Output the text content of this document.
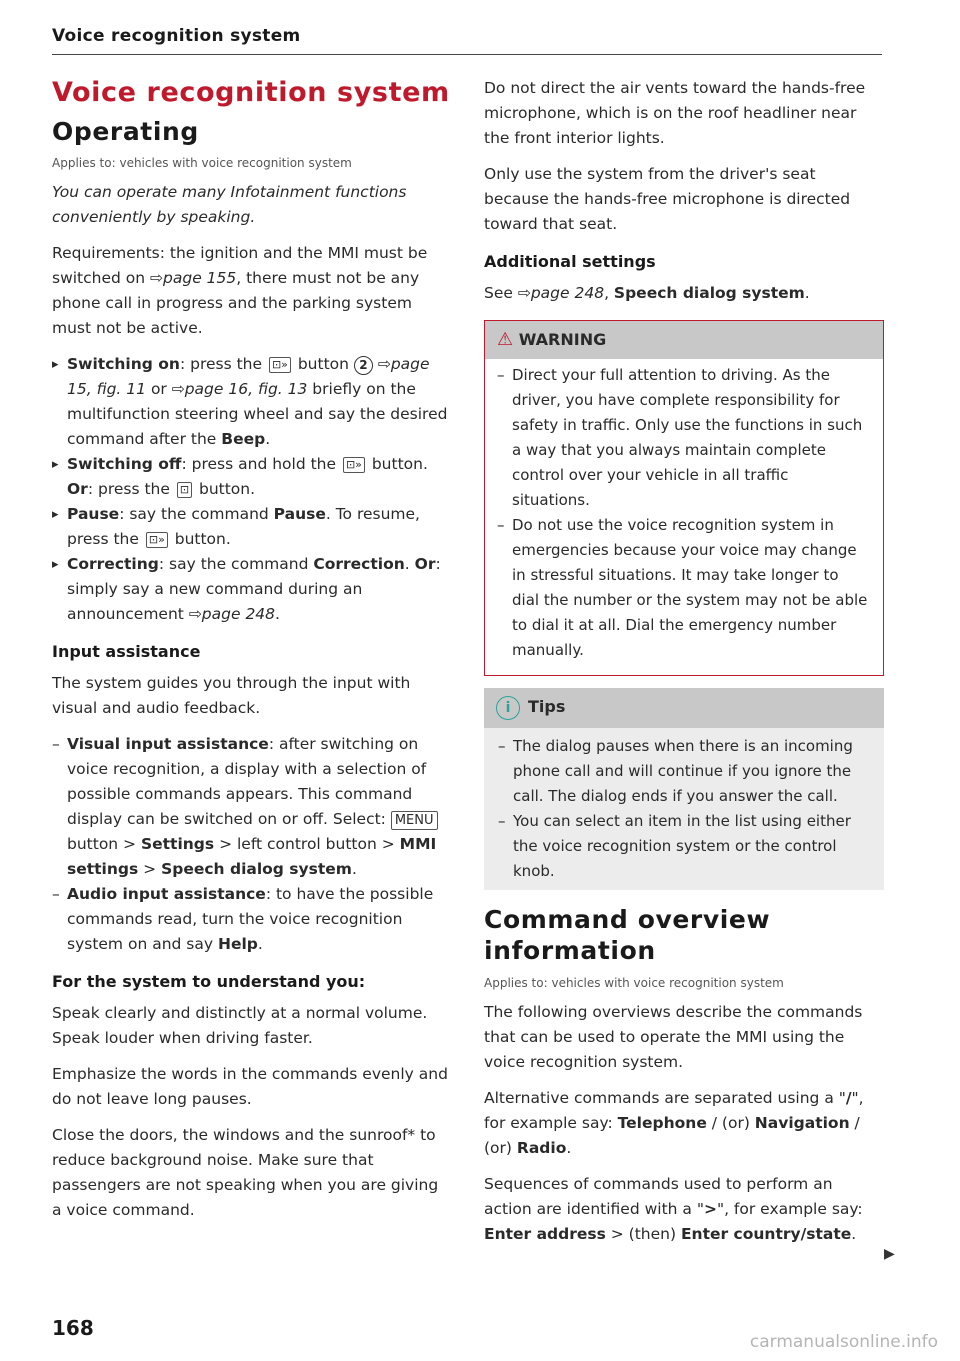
Voice recognition system
Voice recognition system
Operating
Applies to: vehicles with voice recognition system

You can operate many Infotainment functions conveniently by speaking.

Requirements: the ignition and the MMI must be switched on ⇨page 155, there must not be any phone call in progress and the parking system must not be active.

▸ Switching on: press the ⊡» button 2 ⇨page 15, fig. 11 or ⇨page 16, fig. 13 briefly on the multifunction steering wheel and say the desired command after the Beep.
▸ Switching off: press and hold the ⊡» button. Or: press the ⊡ button.
▸ Pause: say the command Pause. To resume, press the ⊡» button.
▸ Correcting: say the command Correction. Or: simply say a new command during an announcement ⇨page 248.
Input assistance

The system guides you through the input with visual and audio feedback.

– Visual input assistance: after switching on voice recognition, a display with a selection of possible commands appears. This command display can be switched on or off. Select: MENU button > Settings > left control button > MMI settings > Speech dialog system.
– Audio input assistance: to have the possible commands read, turn the voice recognition system on and say Help.
For the system to understand you:

Speak clearly and distinctly at a normal volume. Speak louder when driving faster.

Emphasize the words in the commands evenly and do not leave long pauses.

Close the doors, the windows and the sunroof* to reduce background noise. Make sure that passengers are not speaking when you are giving a voice command.

Do not direct the air vents toward the hands-free microphone, which is on the roof headliner near the front interior lights.

Only use the system from the driver's seat because the hands-free microphone is directed toward that seat.

Additional settings

See ⇨page 248, Speech dialog system.

⚠ WARNING
– Direct your full attention to driving. As the driver, you have complete responsibility for safety in traffic. Only use the functions in such a way that you always maintain complete control over your vehicle in all traffic situations.
– Do not use the voice recognition system in emergencies because your voice may change in stressful situations. It may take longer to dial the number or the system may not be able to dial it at all. Dial the emergency number manually.
i Tips
– The dialog pauses when there is an incoming phone call and will continue if you ignore the call. The dialog ends if you answer the call.
– You can select an item in the list using either the voice recognition system or the control knob.
Command overview information
Applies to: vehicles with voice recognition system

The following overviews describe the commands that can be used to operate the MMI using the voice recognition system.

Alternative commands are separated using a "/", for example say: Telephone / (or) Navigation / (or) Radio.

Sequences of commands used to perform an action are identified with a ">", for example say: Enter address > (then) Enter country/state.

▶
168
carmanualsonline.info
